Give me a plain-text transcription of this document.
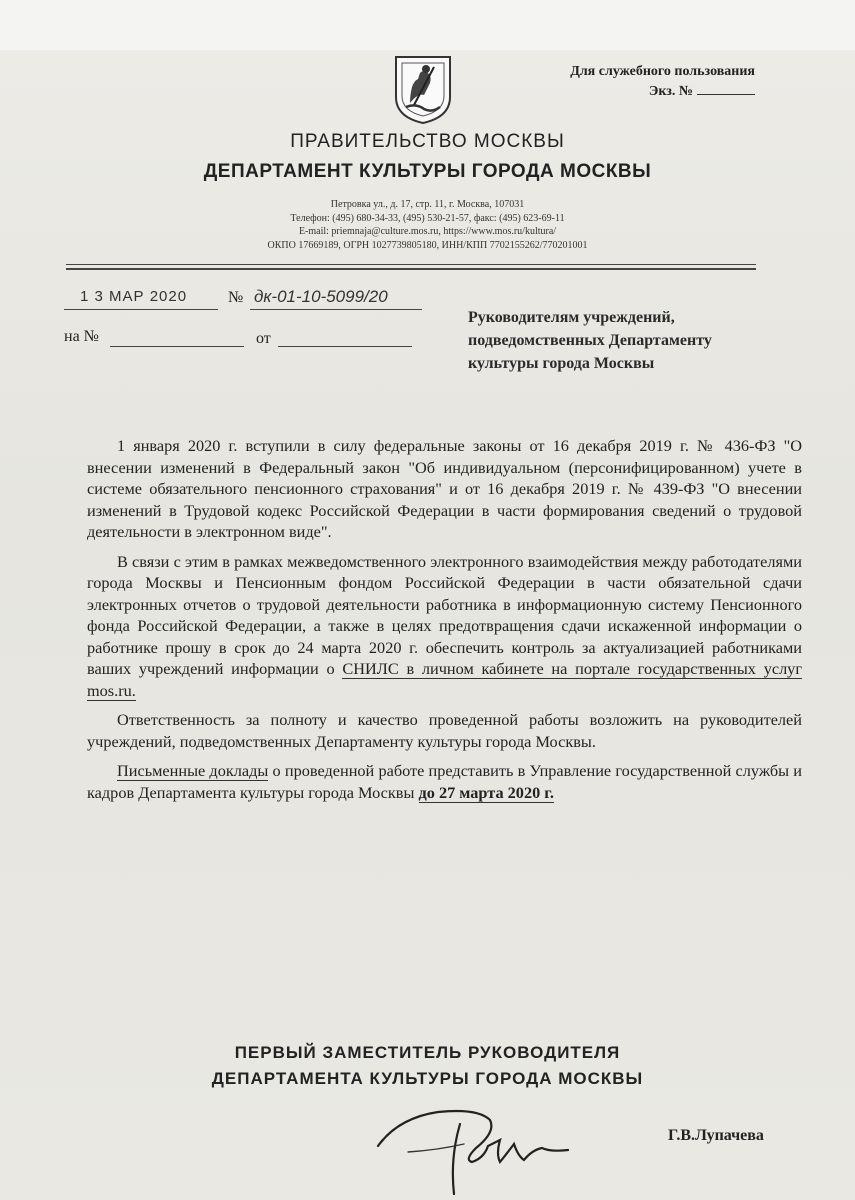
Для служебного пользования
Экз. №
ПРАВИТЕЛЬСТВО МОСКВЫ
ДЕПАРТАМЕНТ КУЛЬТУРЫ ГОРОДА МОСКВЫ
Петровка ул., д. 17, стр. 11, г. Москва, 107031
Телефон: (495) 680-34-33, (495) 530-21-57, факс: (495) 623-69-11
E-mail: priemnaja@culture.mos.ru, https://www.mos.ru/kultura/
ОКПО 17669189, ОГРН 1027739805180, ИНН/КПП 7702155262/770201001
1 3 МАР 2020	№ дк-01-10-5099/20
на №	от
Руководителям учреждений,
подведомственных Департаменту
культуры города Москвы

1 января 2020 г. вступили в силу федеральные законы от 16 декабря 2019 г. № 436-ФЗ "О внесении изменений в Федеральный закон "Об индивидуальном (персонифицированном) учете в системе обязательного пенсионного страхования" и от 16 декабря 2019 г. № 439-ФЗ "О внесении изменений в Трудовой кодекс Российской Федерации в части формирования сведений о трудовой деятельности в электронном виде".

В связи с этим в рамках межведомственного электронного взаимодействия между работодателями города Москвы и Пенсионным фондом Российской Федерации в части обязательной сдачи электронных отчетов о трудовой деятельности работника в информационную систему Пенсионного фонда Российской Федерации, а также в целях предотвращения сдачи искаженной информации о работнике прошу в срок до 24 марта 2020 г. обеспечить контроль за актуализацией работниками ваших учреждений информации о СНИЛС в личном кабинете на портале государственных услуг mos.ru.

Ответственность за полноту и качество проведенной работы возложить на руководителей учреждений, подведомственных Департаменту культуры города Москвы.

Письменные доклады о проведенной работе представить в Управление государственной службы и кадров Департамента культуры города Москвы до 27 марта 2020 г.

ПЕРВЫЙ ЗАМЕСТИТЕЛЬ РУКОВОДИТЕЛЯ
ДЕПАРТАМЕНТА КУЛЬТУРЫ ГОРОДА МОСКВЫ
Г.В.Лупачева
